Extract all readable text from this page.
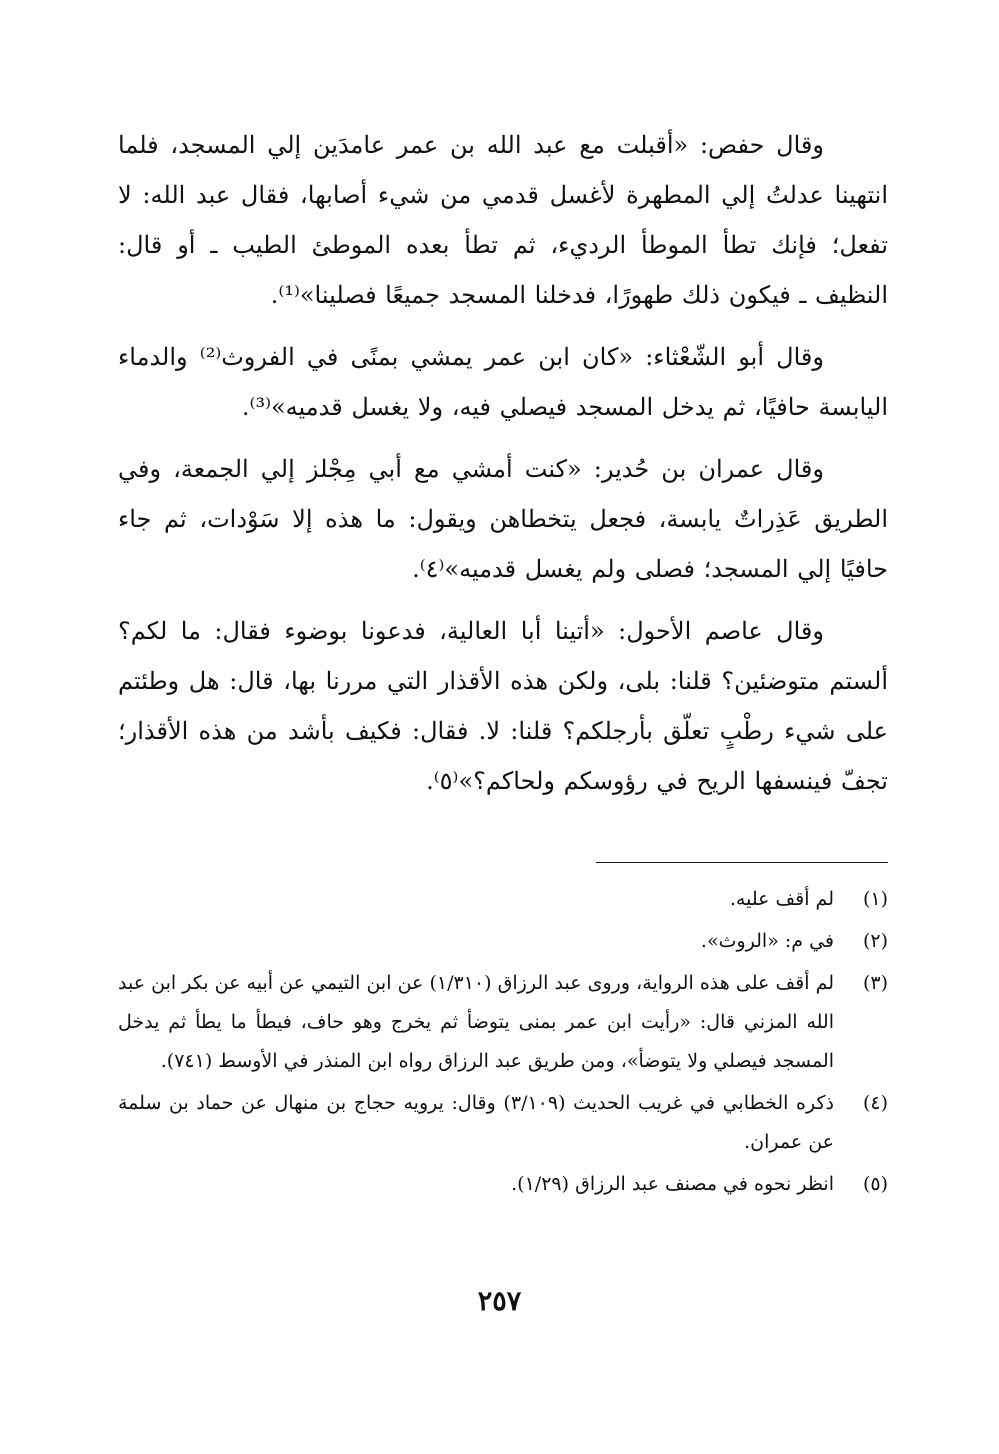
وقال حفص: «أقبلت مع عبد الله بن عمر عامدَين إلي المسجد، فلما انتهينا عدلتُ إلي المطهرة لأغسل قدمي من شيء أصابها، فقال عبد الله: لا تفعل؛ فإنك تطأ الموطأ الرديء، ثم تطأ بعده الموطئ الطيب ـ أو قال: النظيف ـ فيكون ذلك طهورًا، فدخلنا المسجد جميعًا فصلينا»⁽¹⁾.

وقال أبو الشّعْثاء: «كان ابن عمر يمشي بمنًى في الفروث⁽²⁾ والدماء اليابسة حافيًا، ثم يدخل المسجد فيصلي فيه، ولا يغسل قدميه»⁽³⁾.

وقال عمران بن حُدير: «كنت أمشي مع أبي مِجْلز إلي الجمعة، وفي الطريق عَذِراتٌ يابسة، فجعل يتخطاهن ويقول: ما هذه إلا سَوْدات، ثم جاء حافيًا إلي المسجد؛ فصلى ولم يغسل قدميه»⁽٤⁾.

وقال عاصم الأحول: «أتينا أبا العالية، فدعونا بوضوء فقال: ما لكم؟ ألستم متوضئين؟ قلنا: بلى، ولكن هذه الأقذار التي مررنا بها، قال: هل وطئتم على شيء رطْبٍ تعلّق بأرجلكم؟ قلنا: لا. فقال: فكيف بأشد من هذه الأقذار؛ تجفّ فينسفها الريح في رؤوسكم ولحاكم؟»⁽٥⁾.

(١)
لم أقف عليه.
(٢)
في م: «الروث».
(٣)
لم أقف على هذه الرواية، وروى عبد الرزاق (١/٣١٠) عن ابن التيمي عن أبيه عن بكر ابن عبد الله المزني قال: «رأيت ابن عمر بمنى يتوضأ ثم يخرج وهو حاف، فيطأ ما يطأ ثم يدخل المسجد فيصلي ولا يتوضأ»، ومن طريق عبد الرزاق رواه ابن المنذر في الأوسط (٧٤١).
(٤)
ذكره الخطابي في غريب الحديث (٣/١٠٩) وقال: يرويه حجاج بن منهال عن حماد بن سلمة عن عمران.
(٥)
انظر نحوه في مصنف عبد الرزاق (١/٢٩).
٢٥٧
